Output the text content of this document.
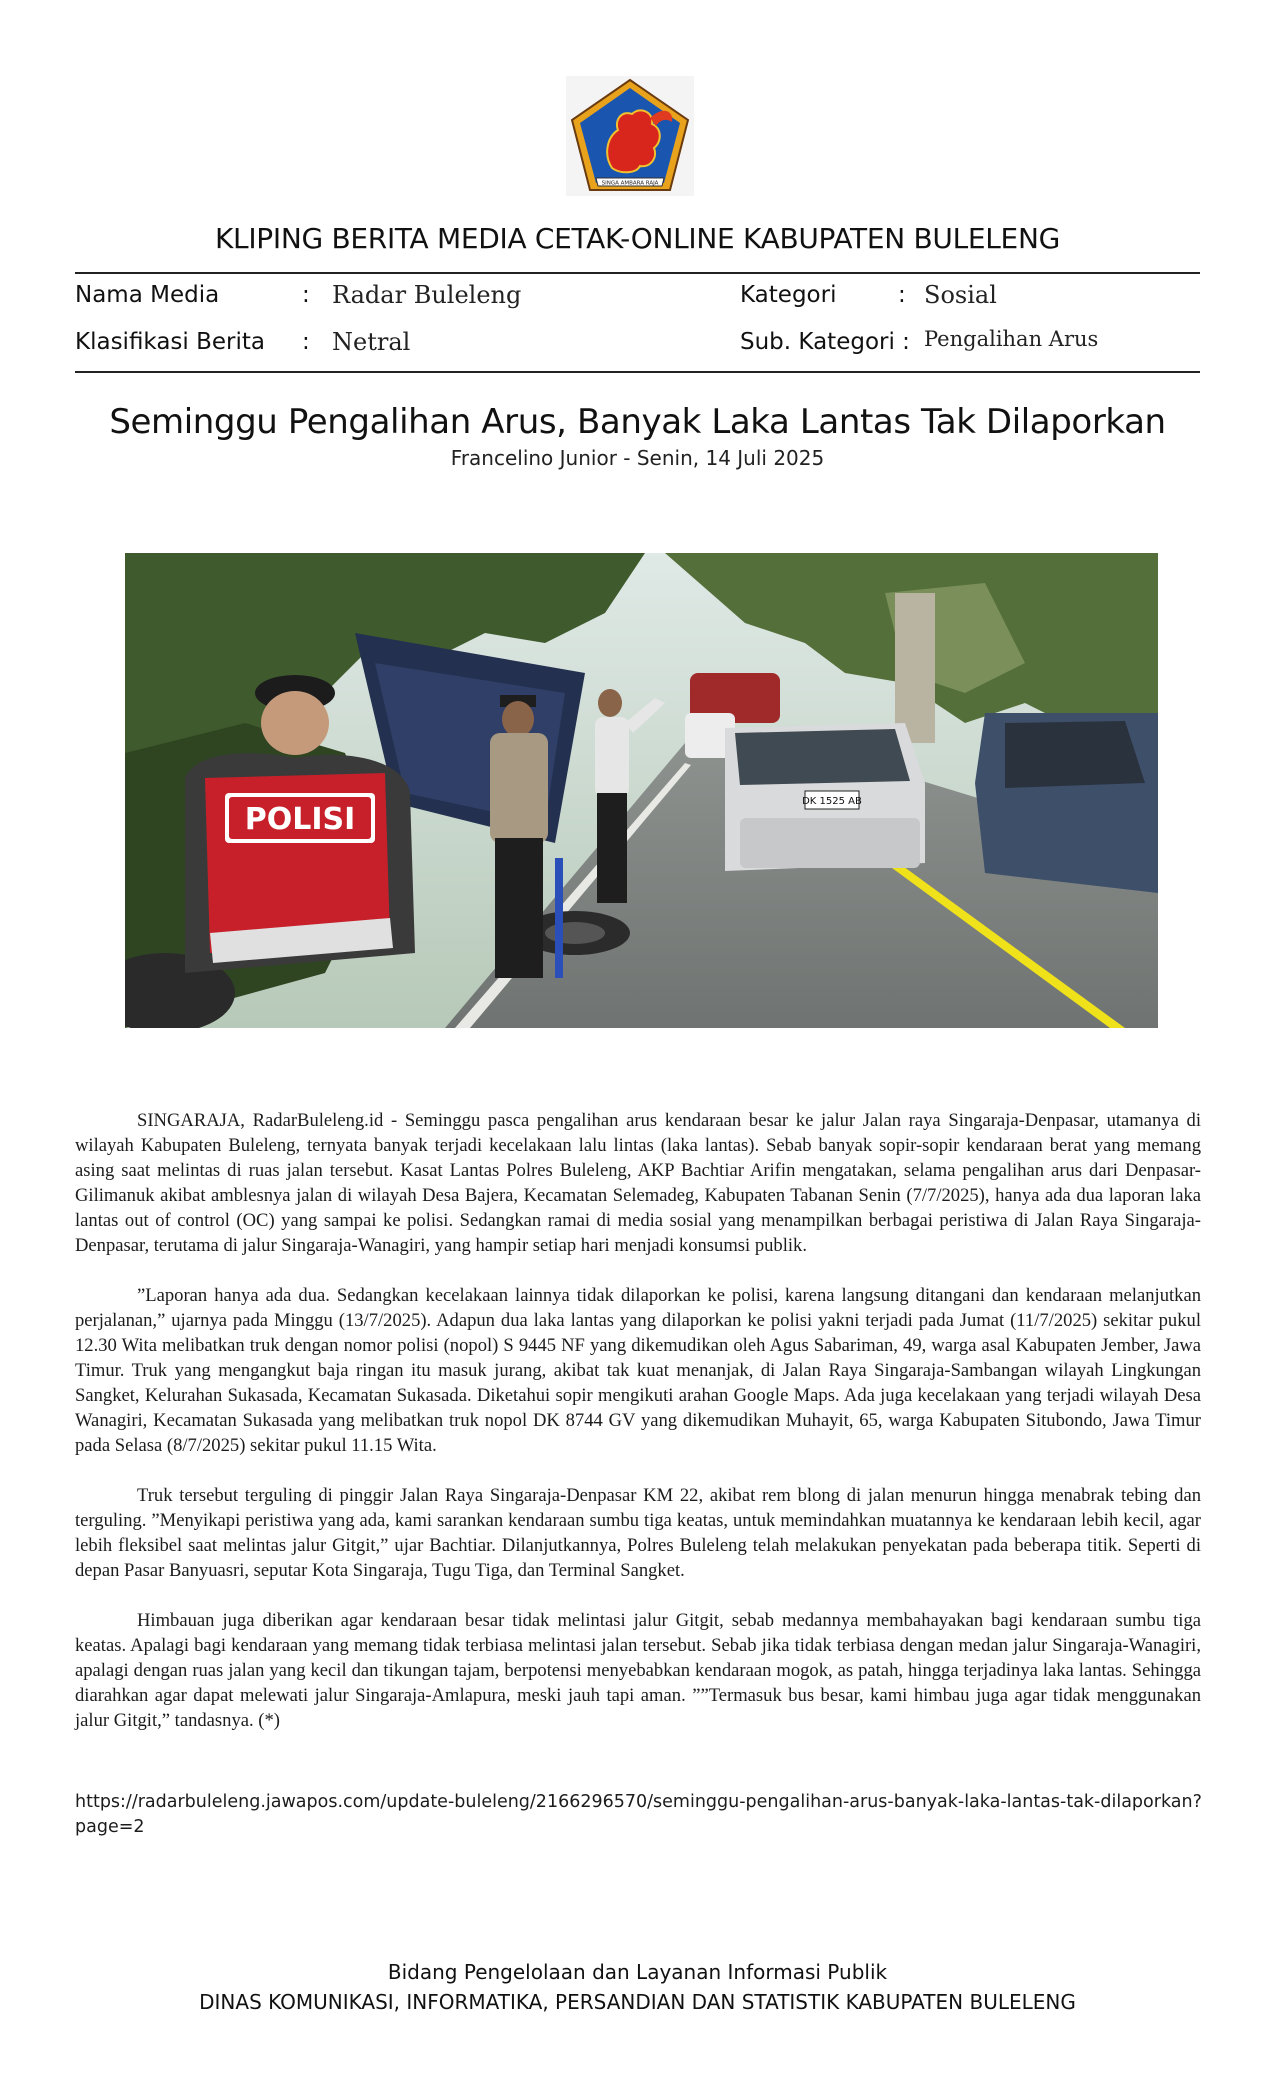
SINGA AMBARA RAJA
KLIPING BERITA MEDIA CETAK-ONLINE KABUPATEN BULELENG
Nama Media	: Radar Buleleng	Kategori	: Sosial
Klasifikasi Berita : Netral	Sub. Kategori : Pengalihan Arus
Seminggu Pengalihan Arus, Banyak Laka Lantas Tak Dilaporkan
Francelino Junior - Senin, 14 Juli 2025
DK 1525 AB
POLISI

SINGARAJA, RadarBuleleng.id - Seminggu pasca pengalihan arus kendaraan besar ke jalur Jalan raya Singaraja-Denpasar, utamanya di wilayah Kabupaten Buleleng, ternyata banyak terjadi kecelakaan lalu lintas (laka lantas). Sebab banyak sopir-sopir kendaraan berat yang memang asing saat melintas di ruas jalan tersebut. Kasat Lantas Polres Buleleng, AKP Bachtiar Arifin mengatakan, selama pengalihan arus dari Denpasar-Gilimanuk akibat amblesnya jalan di wilayah Desa Bajera, Kecamatan Selemadeg, Kabupaten Tabanan Senin (7/7/2025), hanya ada dua laporan laka lantas out of control (OC) yang sampai ke polisi. Sedangkan ramai di media sosial yang menampilkan berbagai peristiwa di Jalan Raya Singaraja-Denpasar, terutama di jalur Singaraja-Wanagiri, yang hampir setiap hari menjadi konsumsi publik.

”Laporan hanya ada dua. Sedangkan kecelakaan lainnya tidak dilaporkan ke polisi, karena langsung ditangani dan kendaraan melanjutkan perjalanan,” ujarnya pada Minggu (13/7/2025). Adapun dua laka lantas yang dilaporkan ke polisi yakni terjadi pada Jumat (11/7/2025) sekitar pukul 12.30 Wita melibatkan truk dengan nomor polisi (nopol) S 9445 NF yang dikemudikan oleh Agus Sabariman, 49, warga asal Kabupaten Jember, Jawa Timur. Truk yang mengangkut baja ringan itu masuk jurang, akibat tak kuat menanjak, di Jalan Raya Singaraja-Sambangan wilayah Lingkungan Sangket, Kelurahan Sukasada, Kecamatan Sukasada. Diketahui sopir mengikuti arahan Google Maps. Ada juga kecelakaan yang terjadi wilayah Desa Wanagiri, Kecamatan Sukasada yang melibatkan truk nopol DK 8744 GV yang dikemudikan Muhayit, 65, warga Kabupaten Situbondo, Jawa Timur pada Selasa (8/7/2025) sekitar pukul 11.15 Wita.

Truk tersebut terguling di pinggir Jalan Raya Singaraja-Denpasar KM 22, akibat rem blong di jalan menurun hingga menabrak tebing dan terguling. ”Menyikapi peristiwa yang ada, kami sarankan kendaraan sumbu tiga keatas, untuk memindahkan muatannya ke kendaraan lebih kecil, agar lebih fleksibel saat melintas jalur Gitgit,” ujar Bachtiar. Dilanjutkannya, Polres Buleleng telah melakukan penyekatan pada beberapa titik. Seperti di depan Pasar Banyuasri, seputar Kota Singaraja, Tugu Tiga, dan Terminal Sangket.

Himbauan juga diberikan agar kendaraan besar tidak melintasi jalur Gitgit, sebab medannya membahayakan bagi kendaraan sumbu tiga keatas. Apalagi bagi kendaraan yang memang tidak terbiasa melintasi jalan tersebut. Sebab jika tidak terbiasa dengan medan jalur Singaraja-Wanagiri, apalagi dengan ruas jalan yang kecil dan tikungan tajam, berpotensi menyebabkan kendaraan mogok, as patah, hingga terjadinya laka lantas. Sehingga diarahkan agar dapat melewati jalur Singaraja-Amlapura, meski jauh tapi aman. ””Termasuk bus besar, kami himbau juga agar tidak menggunakan jalur Gitgit,” tandasnya. (*)

https://radarbuleleng.jawapos.com/update-buleleng/2166296570/seminggu-pengalihan-arus-banyak-laka-lantas-tak-dilaporkan?page=2
Bidang Pengelolaan dan Layanan Informasi Publik
DINAS KOMUNIKASI, INFORMATIKA, PERSANDIAN DAN STATISTIK KABUPATEN BULELENG
